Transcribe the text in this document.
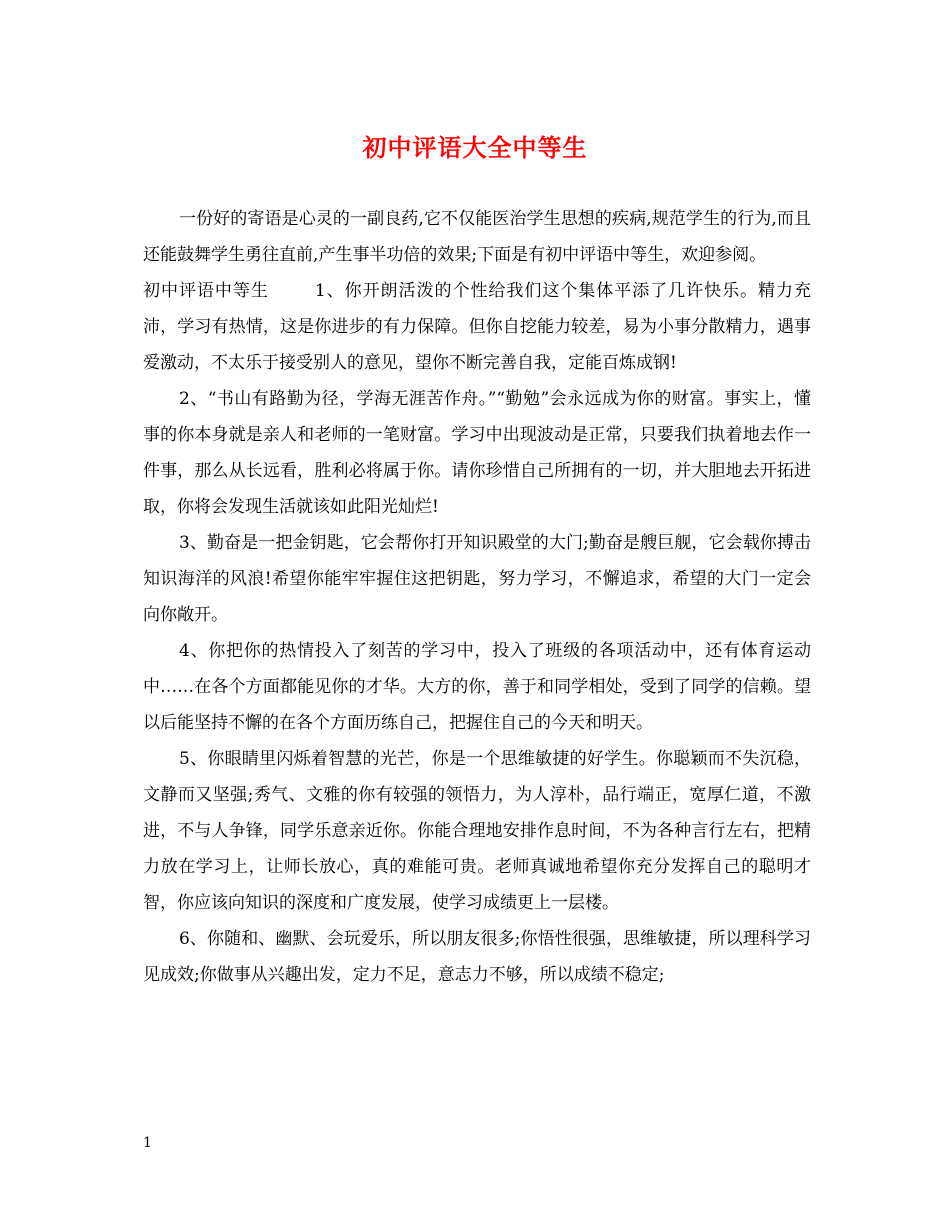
初中评语大全中等生

一份好的寄语是心灵的一副良药,它不仅能医治学生思想的疾病,规范学生的行为,而且还能鼓舞学生勇往直前,产生事半功倍的效果;下面是有初中评语中等生，欢迎参阅。

初中评语中等生	1、你开朗活泼的个性给我们这个集体平添了几许快乐。精力充沛，学习有热情，这是你进步的有力保障。但你自挖能力较差，易为小事分散精力，遇事爱激动，不太乐于接受别人的意见，望你不断完善自我，定能百炼成钢!

2、“书山有路勤为径，学海无涯苦作舟。”“勤勉”会永远成为你的财富。事实上，懂事的你本身就是亲人和老师的一笔财富。学习中出现波动是正常，只要我们执着地去作一件事，那么从长远看，胜利必将属于你。请你珍惜自己所拥有的一切，并大胆地去开拓进取，你将会发现生活就该如此阳光灿烂!

3、勤奋是一把金钥匙，它会帮你打开知识殿堂的大门;勤奋是艘巨舰，它会载你搏击知识海洋的风浪!希望你能牢牢握住这把钥匙，努力学习，不懈追求，希望的大门一定会向你敞开。

4、你把你的热情投入了刻苦的学习中，投入了班级的各项活动中，还有体育运动中……在各个方面都能见你的才华。大方的你，善于和同学相处，受到了同学的信赖。望以后能坚持不懈的在各个方面历练自己，把握住自己的今天和明天。

5、你眼睛里闪烁着智慧的光芒，你是一个思维敏捷的好学生。你聪颖而不失沉稳，文静而又坚强;秀气、文雅的你有较强的领悟力，为人淳朴，品行端正，宽厚仁道，不激进，不与人争锋，同学乐意亲近你。你能合理地安排作息时间，不为各种言行左右，把精力放在学习上，让师长放心，真的难能可贵。老师真诚地希望你充分发挥自己的聪明才智，你应该向知识的深度和广度发展，使学习成绩更上一层楼。

6、你随和、幽默、会玩爱乐，所以朋友很多;你悟性很强，思维敏捷，所以理科学习见成效;你做事从兴趣出发，定力不足，意志力不够，所以成绩不稳定;

1
